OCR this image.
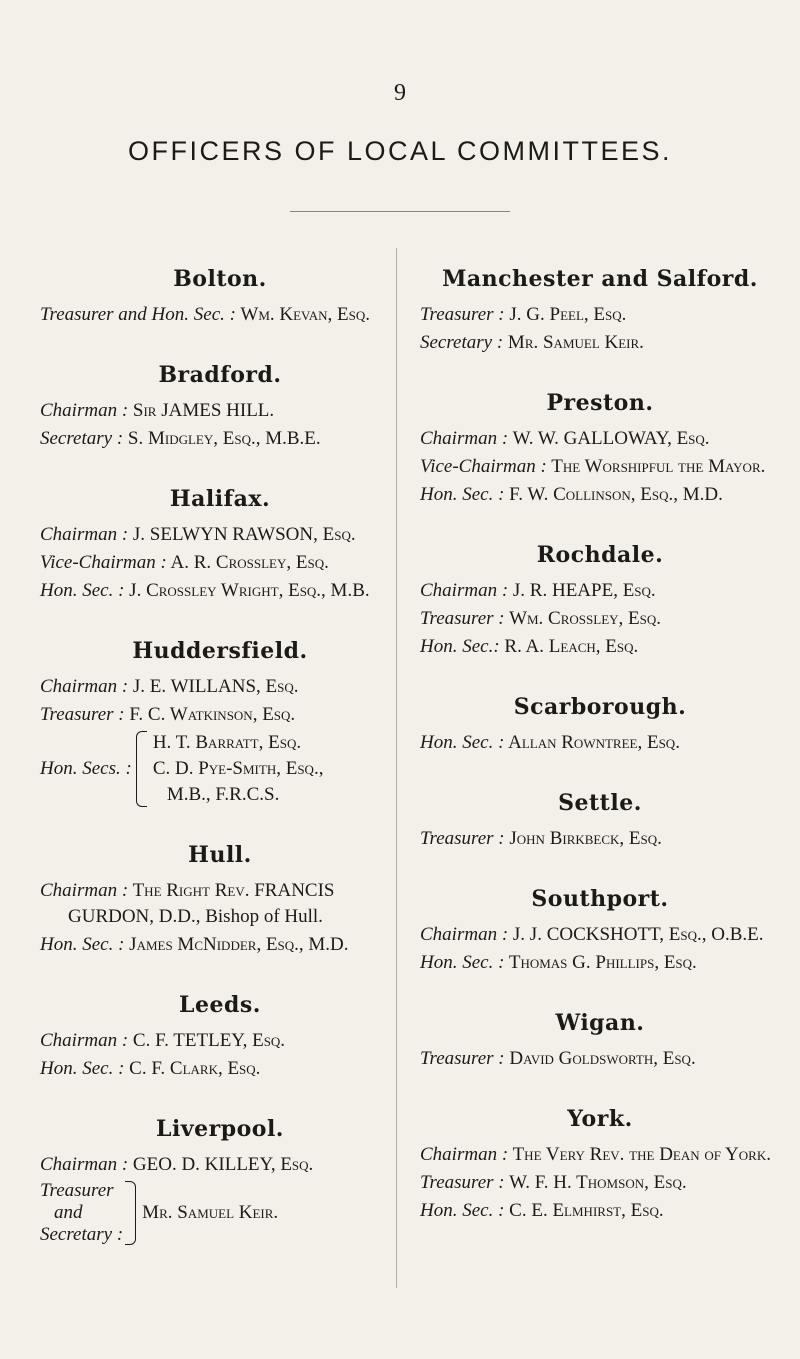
9
OFFICERS OF LOCAL COMMITTEES.
Bolton.
Treasurer and Hon. Sec. : Wm. Kevan, Esq.
Bradford.
Chairman : Sir JAMES HILL.
Secretary : S. Midgley, Esq., M.B.E.
Halifax.
Chairman : J. SELWYN RAWSON, Esq.
Vice-Chairman : A. R. Crossley, Esq.
Hon. Sec. : J. Crossley Wright, Esq., M.B.
Huddersfield.
Chairman : J. E. WILLANS, Esq.
Treasurer : F. C. Watkinson, Esq.
Hon. Secs. :
H. T. Barratt, Esq.
C. D. Pye-Smith, Esq.,
M.B., F.R.C.S.
Hull.
Chairman : The Right Rev. FRANCIS GURDON, D.D., Bishop of Hull.
Hon. Sec. : James McNidder, Esq., M.D.
Leeds.
Chairman : C. F. TETLEY, Esq.
Hon. Sec. : C. F. Clark, Esq.
Liverpool.
Chairman : GEO. D. KILLEY, Esq.
Treasurer
and
Secretary :
Mr. Samuel Keir.
Manchester and Salford.
Treasurer : J. G. Peel, Esq.
Secretary : Mr. Samuel Keir.
Preston.
Chairman : W. W. GALLOWAY, Esq.
Vice-Chairman : The Worshipful the Mayor.
Hon. Sec. : F. W. Collinson, Esq., M.D.
Rochdale.
Chairman : J. R. HEAPE, Esq.
Treasurer : Wm. Crossley, Esq.
Hon. Sec.: R. A. Leach, Esq.
Scarborough.
Hon. Sec. : Allan Rowntree, Esq.
Settle.
Treasurer : John Birkbeck, Esq.
Southport.
Chairman : J. J. COCKSHOTT, Esq., O.B.E.
Hon. Sec. : Thomas G. Phillips, Esq.
Wigan.
Treasurer : David Goldsworth, Esq.
York.
Chairman : The Very Rev. the Dean of York.
Treasurer : W. F. H. Thomson, Esq.
Hon. Sec. : C. E. Elmhirst, Esq.
